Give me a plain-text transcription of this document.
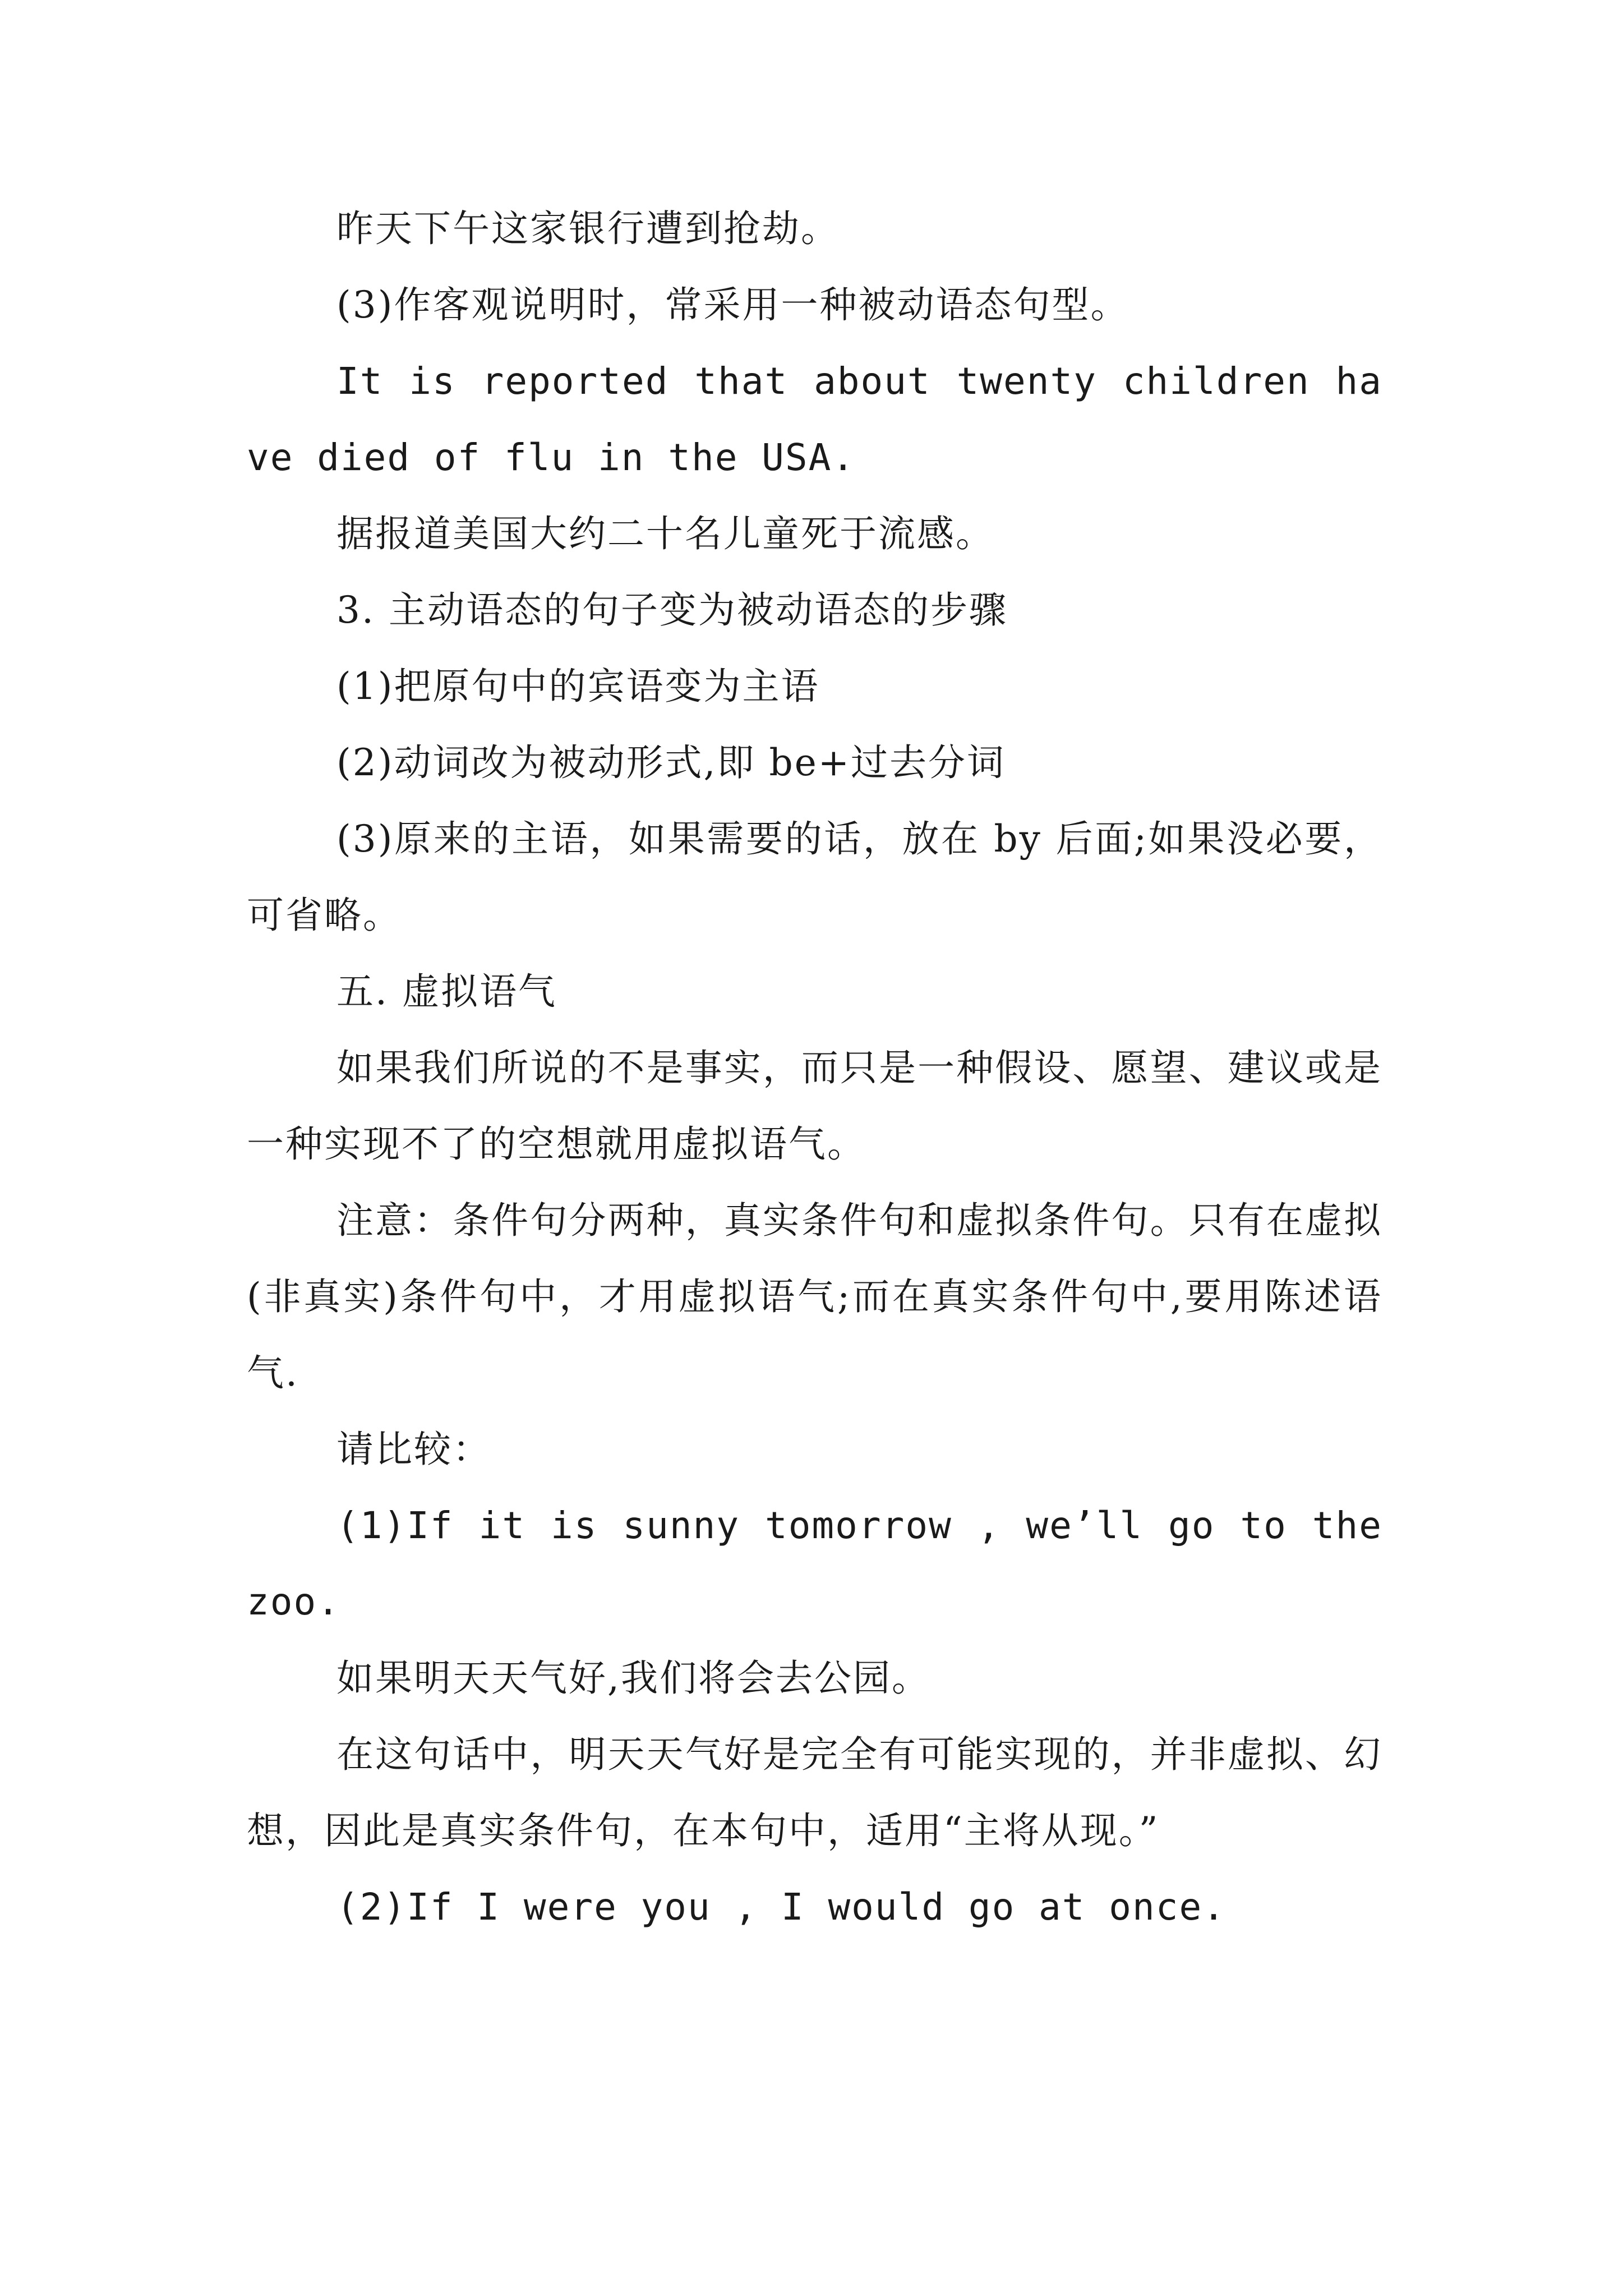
昨天下午这家银行遭到抢劫。

(3)作客观说明时，常采用一种被动语态句型。

It is reported that about twenty children have died of flu in the USA.

据报道美国大约二十名儿童死于流感。

3. 主动语态的句子变为被动语态的步骤

(1)把原句中的宾语变为主语

(2)动词改为被动形式,即 be+过去分词

(3)原来的主语，如果需要的话，放在 by 后面;如果没必要，可省略。

五. 虚拟语气

如果我们所说的不是事实，而只是一种假设、愿望、建议或是一种实现不了的空想就用虚拟语气。

注意：条件句分两种，真实条件句和虚拟条件句。只有在虚拟(非真实)条件句中，才用虚拟语气;而在真实条件句中,要用陈述语气.

请比较：

(1)If it is sunny tomorrow , we’ll go to the zoo.

如果明天天气好,我们将会去公园。

在这句话中，明天天气好是完全有可能实现的，并非虚拟、幻想，因此是真实条件句，在本句中，适用“主将从现。”

(2)If I were you , I would go at once.
